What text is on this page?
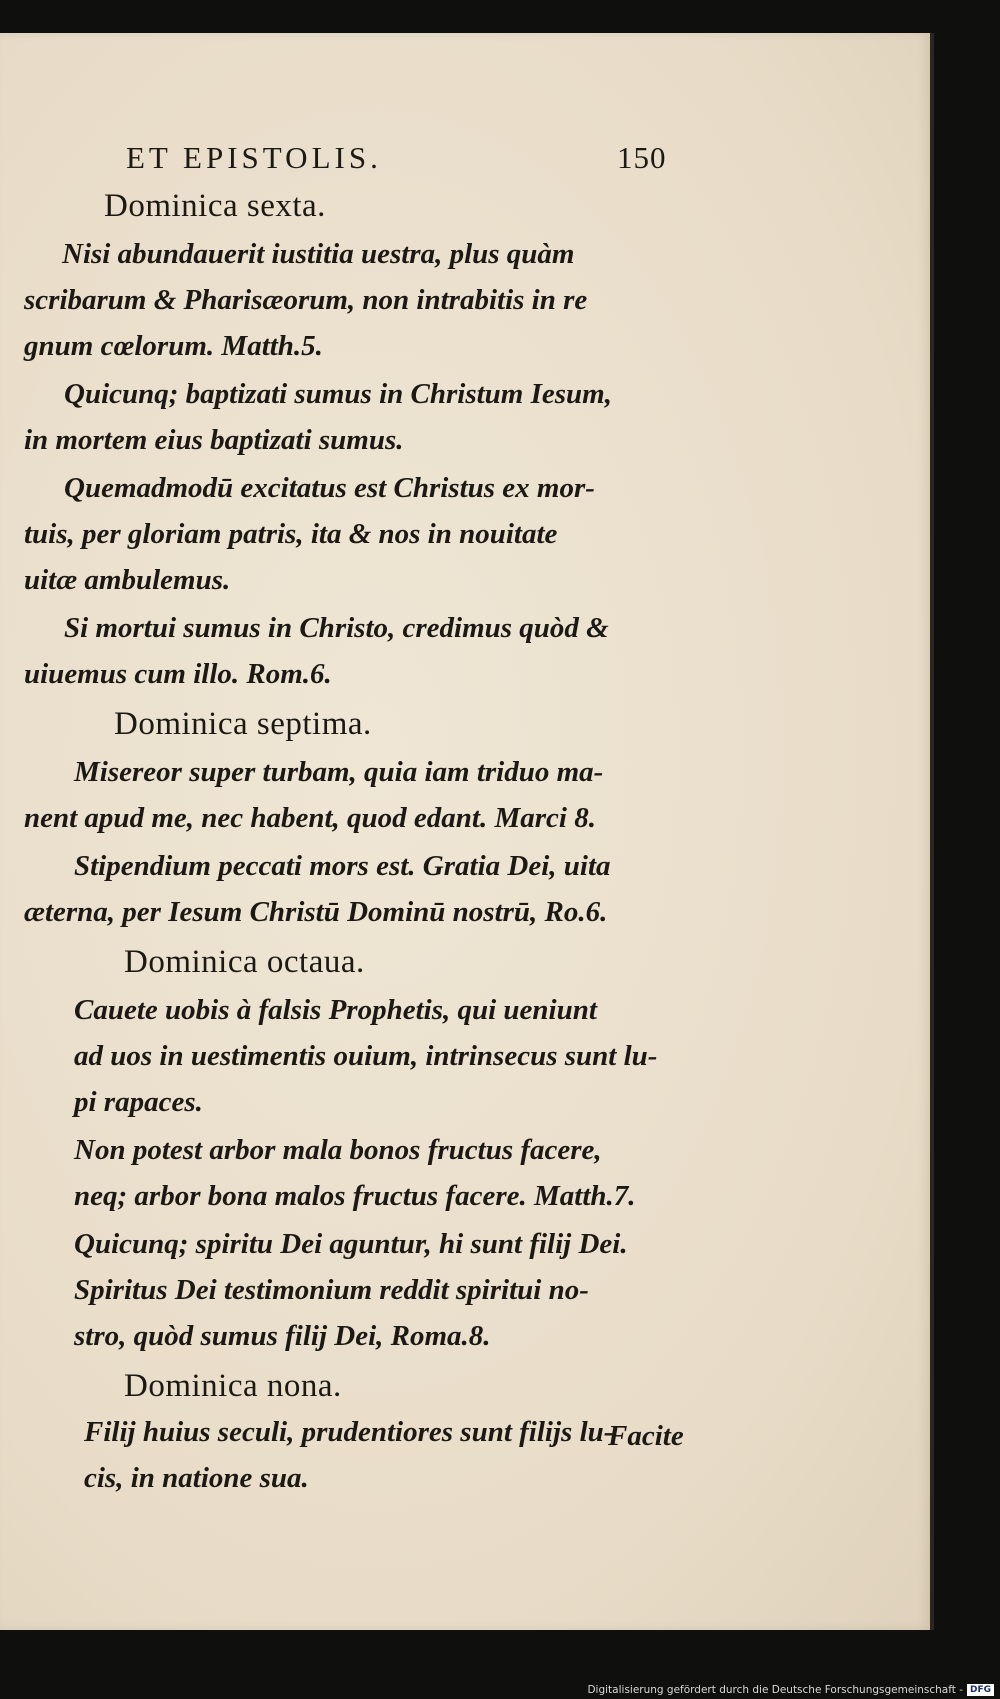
ET EPISTOLIS.	150
Dominica sexta.
Nisi abundauerit iustitia uestra, plus quàm
scribarum & Pharisæorum, non intrabitis in re
gnum cœlorum. Matth.5.
Quicunq; baptizati sumus in Christum Iesum,
in mortem eius baptizati sumus.
Quemadmodū excitatus est Christus ex mor-
tuis, per gloriam patris, ita & nos in nouitate
uitæ ambulemus.
Si mortui sumus in Christo, credimus quòd &
uiuemus cum illo. Rom.6.
Dominica septima.
Misereor super turbam, quia iam triduo ma-
nent apud me, nec habent, quod edant. Marci 8.
Stipendium peccati mors est. Gratia Dei, uita
æterna, per Iesum Christū Dominū nostrū, Ro.6.
Dominica octaua.
Cauete uobis à falsis Prophetis, qui ueniunt
ad uos in uestimentis ouium, intrinsecus sunt lu-
pi rapaces.
Non potest arbor mala bonos fructus facere,
neq; arbor bona malos fructus facere. Matth.7.
Quicunq; spiritu Dei aguntur, hi sunt filij Dei.
Spiritus Dei testimonium reddit spiritui no-
stro, quòd sumus filij Dei, Roma.8.
Dominica nona.
Filij huius seculi, prudentiores sunt filijs lu-
cis, in natione sua.
Facite
Digitalisierung gefördert durch die Deutsche Forschungsgemeinschaft - DFG
